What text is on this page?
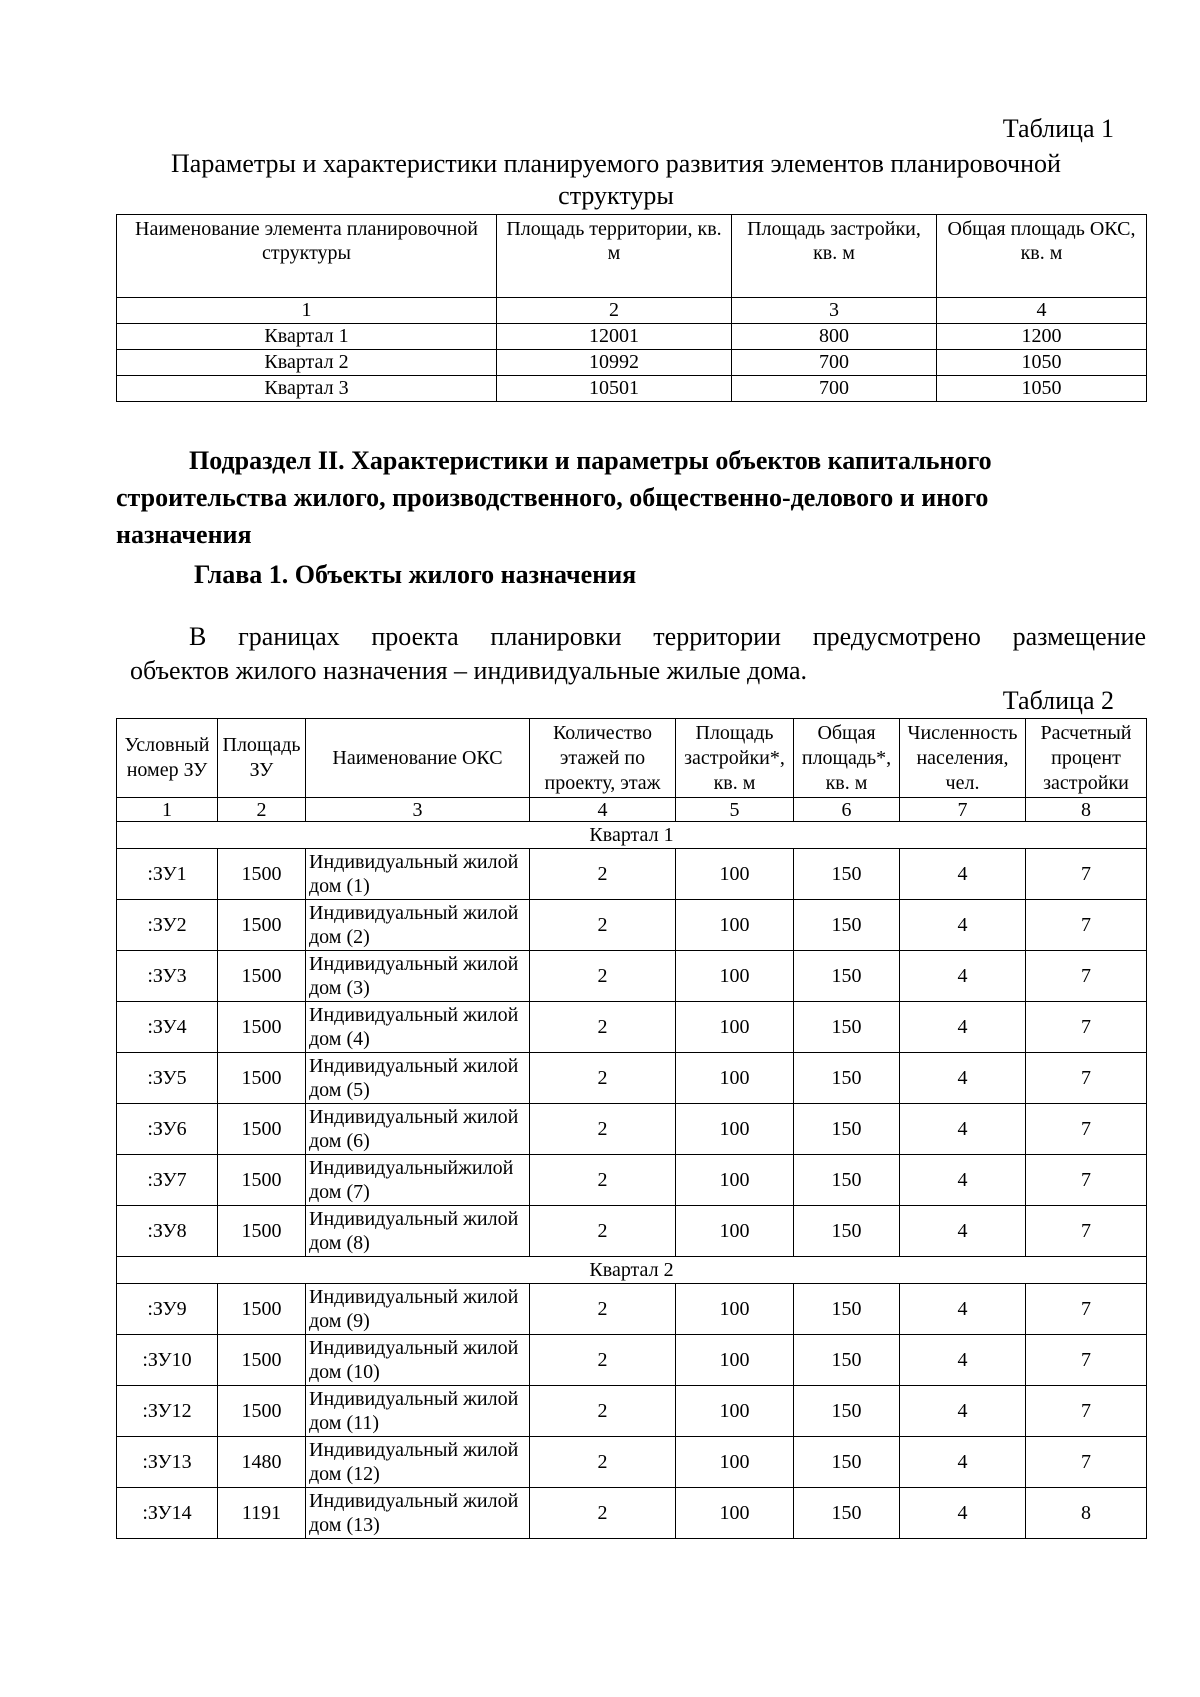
Таблица 1
Параметры и характеристики планируемого развития элементов планировочной структуры
Наименование элемента планировочной структуры	Площадь территории, кв. м	Площадь застройки, кв. м	Общая площадь ОКС, кв. м
1	2	3	4
Квартал 1	12001	800	1200
Квартал 2	10992	700	1050
Квартал 3	10501	700	1050
Подраздел II. Характеристики и параметры объектов капитального
строительства жилого, производственного, общественно-делового и иного
назначения
Глава 1. Объекты жилого назначения
В границах проекта планировки территории предусмотрено размещение
объектов жилого назначения – индивидуальные жилые дома.
Таблица 2
Условный номер ЗУ	Площадь ЗУ	Наименование ОКС	Количество этажей по проекту, этаж	Площадь застройки*, кв. м	Общая площадь*, кв. м	Численность населения, чел.	Расчетный процент застройки
1	2	3	4	5	6	7	8
Квартал 1							
:ЗУ1	1500	Индивидуальный жилой дом (1)	2	100	150	4	7
:ЗУ2	1500	Индивидуальный жилой дом (2)	2	100	150	4	7
:ЗУ3	1500	Индивидуальный жилой дом (3)	2	100	150	4	7
:ЗУ4	1500	Индивидуальный жилой дом (4)	2	100	150	4	7
:ЗУ5	1500	Индивидуальный жилой дом (5)	2	100	150	4	7
:ЗУ6	1500	Индивидуальный жилой дом (6)	2	100	150	4	7
:ЗУ7	1500	Индивидуальныйжилой дом (7)	2	100	150	4	7
:ЗУ8	1500	Индивидуальный жилой дом (8)	2	100	150	4	7
Квартал 2							
:ЗУ9	1500	Индивидуальный жилой дом (9)	2	100	150	4	7
:ЗУ10	1500	Индивидуальный жилой дом (10)	2	100	150	4	7
:ЗУ12	1500	Индивидуальный жилой дом (11)	2	100	150	4	7
:ЗУ13	1480	Индивидуальный жилой дом (12)	2	100	150	4	7
:ЗУ14	1191	Индивидуальный жилой дом (13)	2	100	150	4	8
